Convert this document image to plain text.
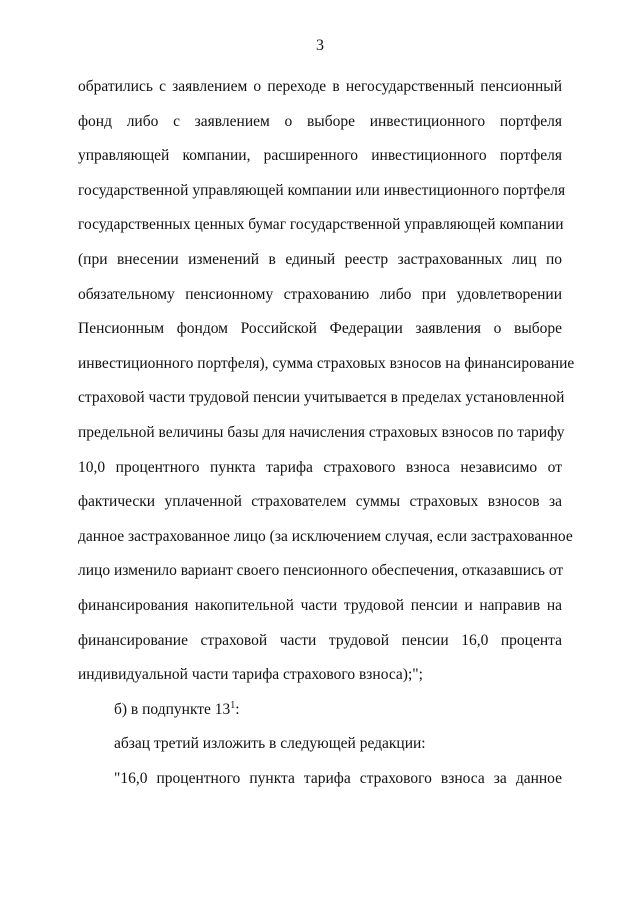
3
обратились с заявлением о переходе в негосударственный пенсионный
фонд либо с заявлением о выборе инвестиционного портфеля
управляющей компании, расширенного инвестиционного портфеля
государственной управляющей компании или инвестиционного портфеля
государственных ценных бумаг государственной управляющей компании
(при внесении изменений в единый реестр застрахованных лиц по
обязательному пенсионному страхованию либо при удовлетворении
Пенсионным фондом Российской Федерации заявления о выборе
инвестиционного портфеля), сумма страховых взносов на финансирование
страховой части трудовой пенсии учитывается в пределах установленной
предельной величины базы для начисления страховых взносов по тарифу
10,0 процентного пункта тарифа страхового взноса независимо от
фактически уплаченной страхователем суммы страховых взносов за
данное застрахованное лицо (за исключением случая, если застрахованное
лицо изменило вариант своего пенсионного обеспечения, отказавшись от
финансирования накопительной части трудовой пенсии и направив на
финансирование страховой части трудовой пенсии 16,0 процента
индивидуальной части тарифа страхового взноса);";
б) в подпункте $13^1$:
абзац третий изложить в следующей редакции:
"16,0 процентного пункта тарифа страхового взноса за данное
